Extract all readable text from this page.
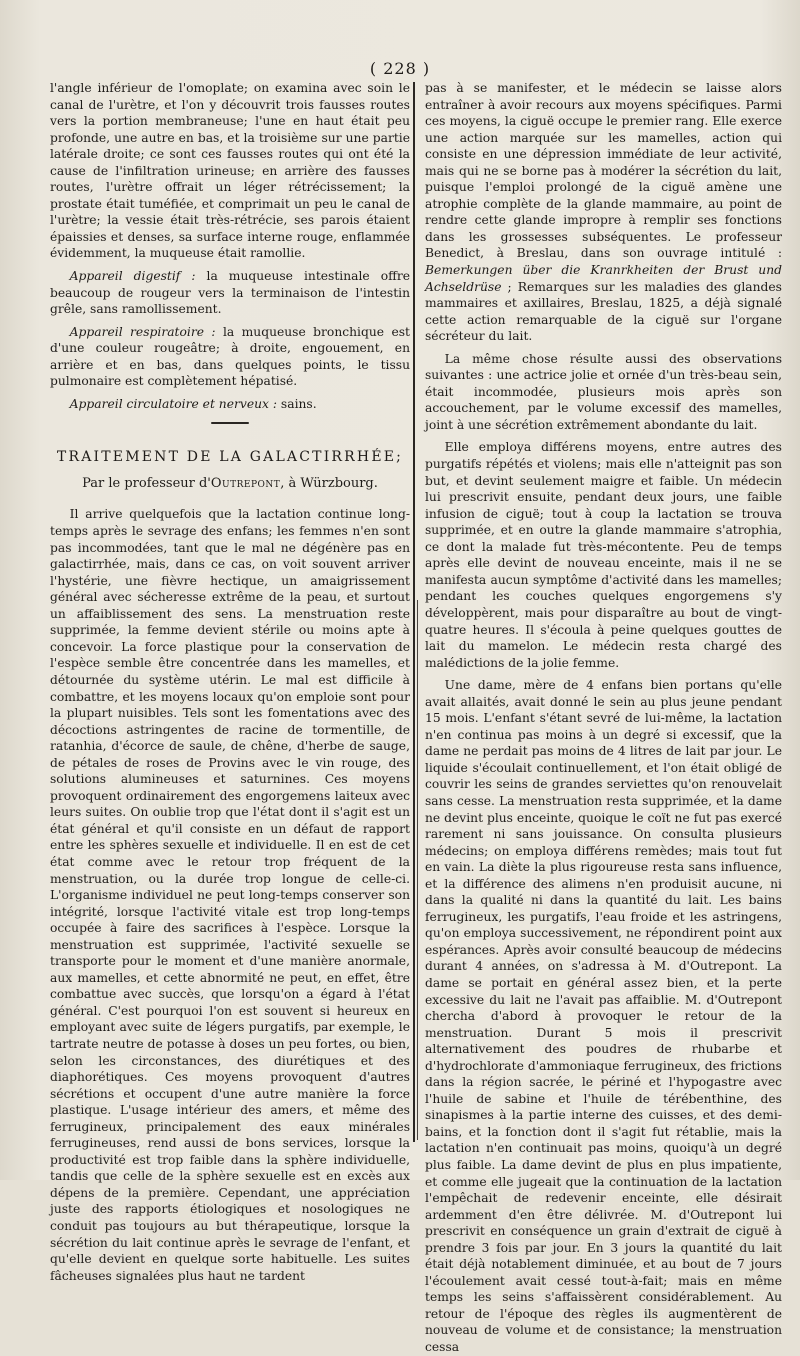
( 228 )

l'angle inférieur de l'omoplate; on examina avec soin le canal de l'urètre, et l'on y découvrit trois fausses routes vers la portion membraneuse; l'une en haut était peu profonde, une autre en bas, et la troisième sur une partie latérale droite; ce sont ces fausses routes qui ont été la cause de l'infiltration urineuse; en arrière des fausses routes, l'urètre offrait un léger rétrécissement; la prostate était tuméfiée, et comprimait un peu le canal de l'urètre; la vessie était très-rétrécie, ses parois étaient épaissies et denses, sa surface interne rouge, enflammée évidemment, la muqueuse était ramollie.

Appareil digestif : la muqueuse intestinale offre beaucoup de rougeur vers la terminaison de l'intestin grêle, sans ramollissement.

Appareil respiratoire : la muqueuse bronchique est d'une couleur rougeâtre; à droite, engouement, en arrière et en bas, dans quelques points, le tissu pulmonaire est complètement hépatisé.

Appareil circulatoire et nerveux : sains.

TRAITEMENT DE LA GALACTIRRHÉE;

Par le professeur d'Outrepont, à Würzbourg.

Il arrive quelquefois que la lactation continue long-temps après le sevrage des enfans; les femmes n'en sont pas incommodées, tant que le mal ne dégénère pas en galactirrhée, mais, dans ce cas, on voit souvent arriver l'hystérie, une fièvre hectique, un amaigrissement général avec sécheresse extrême de la peau, et surtout un affaiblissement des sens. La menstruation reste supprimée, la femme devient stérile ou moins apte à concevoir. La force plastique pour la conservation de l'espèce semble être concentrée dans les mamelles, et détournée du système utérin. Le mal est difficile à combattre, et les moyens locaux qu'on emploie sont pour la plupart nuisibles. Tels sont les fomentations avec des décoctions astringentes de racine de tormentille, de ratanhia, d'écorce de saule, de chêne, d'herbe de sauge, de pétales de roses de Provins avec le vin rouge, des solutions alumineuses et saturnines. Ces moyens provoquent ordinairement des engorgemens laiteux avec leurs suites. On oublie trop que l'état dont il s'agit est un état général et qu'il consiste en un défaut de rapport entre les sphères sexuelle et individuelle. Il en est de cet état comme avec le retour trop fréquent de la menstruation, ou la durée trop longue de celle-ci. L'organisme individuel ne peut long-temps conserver son intégrité, lorsque l'activité vitale est trop long-temps occupée à faire des sacrifices à l'espèce. Lorsque la menstruation est supprimée, l'activité sexuelle se transporte pour le moment et d'une manière anormale, aux mamelles, et cette abnormité ne peut, en effet, être combattue avec succès, que lorsqu'on a égard à l'état général. C'est pourquoi l'on est souvent si heureux en employant avec suite de légers purgatifs, par exemple, le tartrate neutre de potasse à doses un peu fortes, ou bien, selon les circonstances, des diurétiques et des diaphorétiques. Ces moyens provoquent d'autres sécrétions et occupent d'une autre manière la force plastique. L'usage intérieur des amers, et même des ferrugineux, principalement des eaux minérales ferrugineuses, rend aussi de bons services, lorsque la productivité est trop faible dans la sphère individuelle, tandis que celle de la sphère sexuelle est en excès aux dépens de la première. Cependant, une appréciation juste des rapports étiologiques et nosologiques ne conduit pas toujours au but thérapeutique, lorsque la sécrétion du lait continue après le sevrage de l'enfant, et qu'elle devient en quelque sorte habituelle. Les suites fâcheuses signalées plus haut ne tardent

pas à se manifester, et le médecin se laisse alors entraîner à avoir recours aux moyens spécifiques. Parmi ces moyens, la ciguë occupe le premier rang. Elle exerce une action marquée sur les mamelles, action qui consiste en une dépression immédiate de leur activité, mais qui ne se borne pas à modérer la sécrétion du lait, puisque l'emploi prolongé de la ciguë amène une atrophie complète de la glande mammaire, au point de rendre cette glande impropre à remplir ses fonctions dans les grossesses subséquentes. Le professeur Benedict, à Breslau, dans son ouvrage intitulé : Bemerkungen über die Kranrkheiten der Brust und Achseldrüse ; Remarques sur les maladies des glandes mammaires et axillaires, Breslau, 1825, a déjà signalé cette action remarquable de la ciguë sur l'organe sécréteur du lait.

La même chose résulte aussi des observations suivantes : une actrice jolie et ornée d'un très-beau sein, était incommodée, plusieurs mois après son accouchement, par le volume excessif des mamelles, joint à une sécrétion extrêmement abondante du lait.

Elle employa différens moyens, entre autres des purgatifs répétés et violens; mais elle n'atteignit pas son but, et devint seulement maigre et faible. Un médecin lui prescrivit ensuite, pendant deux jours, une faible infusion de ciguë; tout à coup la lactation se trouva supprimée, et en outre la glande mammaire s'atrophia, ce dont la malade fut très-mécontente. Peu de temps après elle devint de nouveau enceinte, mais il ne se manifesta aucun symptôme d'activité dans les mamelles; pendant les couches quelques engorgemens s'y développèrent, mais pour disparaître au bout de vingt-quatre heures. Il s'écoula à peine quelques gouttes de lait du mamelon. Le médecin resta chargé des malédictions de la jolie femme.

Une dame, mère de 4 enfans bien portans qu'elle avait allaités, avait donné le sein au plus jeune pendant 15 mois. L'enfant s'étant sevré de lui-même, la lactation n'en continua pas moins à un degré si excessif, que la dame ne perdait pas moins de 4 litres de lait par jour. Le liquide s'écoulait continuellement, et l'on était obligé de couvrir les seins de grandes serviettes qu'on renouvelait sans cesse. La menstruation resta supprimée, et la dame ne devint plus enceinte, quoique le coït ne fut pas exercé rarement ni sans jouissance. On consulta plusieurs médecins; on employa différens remèdes; mais tout fut en vain. La diète la plus rigoureuse resta sans influence, et la différence des alimens n'en produisit aucune, ni dans la qualité ni dans la quantité du lait. Les bains ferrugineux, les purgatifs, l'eau froide et les astringens, qu'on employa successivement, ne répondirent point aux espérances. Après avoir consulté beaucoup de médecins durant 4 années, on s'adressa à M. d'Outrepont. La dame se portait en général assez bien, et la perte excessive du lait ne l'avait pas affaiblie. M. d'Outrepont chercha d'abord à provoquer le retour de la menstruation. Durant 5 mois il prescrivit alternativement des poudres de rhubarbe et d'hydrochlorate d'ammoniaque ferrugineux, des frictions dans la région sacrée, le périné et l'hypogastre avec l'huile de sabine et l'huile de térébenthine, des sinapismes à la partie interne des cuisses, et des demi-bains, et la fonction dont il s'agit fut rétablie, mais la lactation n'en continuait pas moins, quoiqu'à un degré plus faible. La dame devint de plus en plus impatiente, et comme elle jugeait que la continuation de la lactation l'empêchait de redevenir enceinte, elle désirait ardemment d'en être délivrée. M. d'Outrepont lui prescrivit en conséquence un grain d'extrait de ciguë à prendre 3 fois par jour. En 3 jours la quantité du lait était déjà notablement diminuée, et au bout de 7 jours l'écoulement avait cessé tout-à-fait; mais en même temps les seins s'affaissèrent considérablement. Au retour de l'époque des règles ils augmentèrent de nouveau de volume et de consistance; la menstruation cessa
